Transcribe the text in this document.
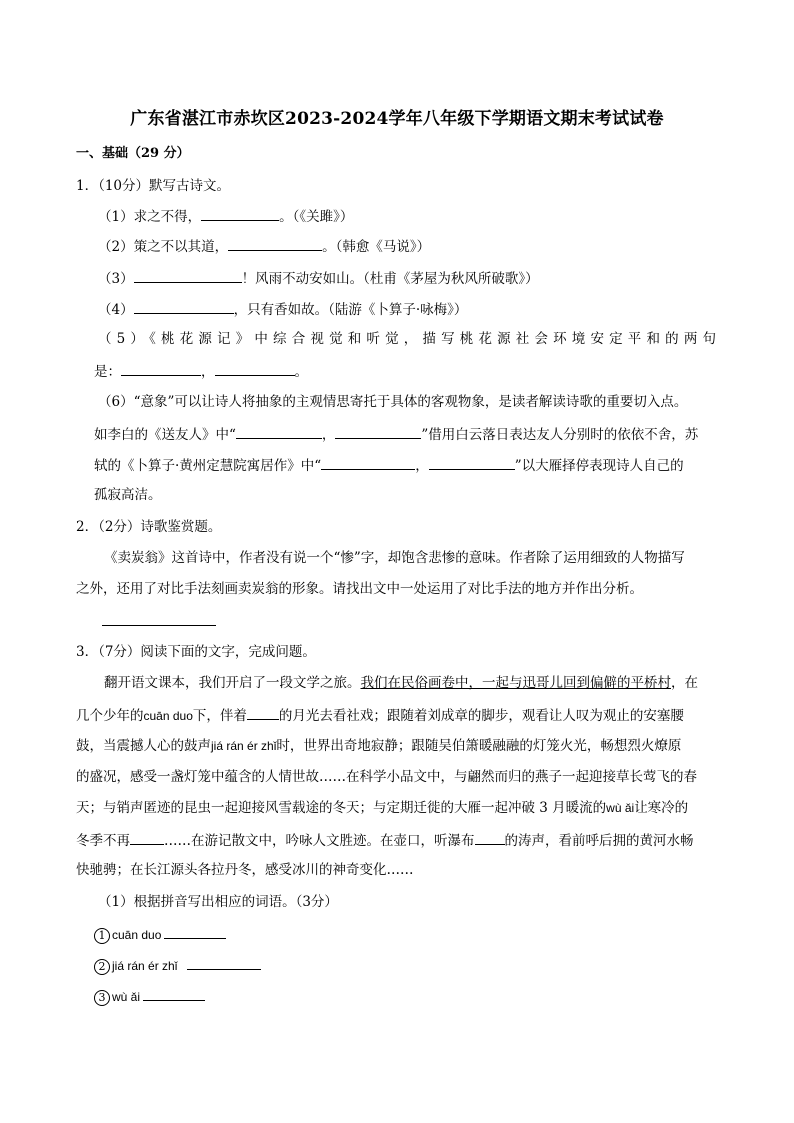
广东省湛江市赤坎区2023-2024学年八年级下学期语文期末考试试卷
一、基础（29 分）
1．（10分）默写古诗文。
（1）求之不得，	。（《关雎》）
（2）策之不以其道，	。（韩愈《马说》）
（3）	！风雨不动安如山。（杜甫《茅屋为秋风所破歌》）
（4）	，只有香如故。（陆游《卜算子·咏梅》）
（5）《桃花源记》中综合视觉和听觉，描写桃花源社会环境安定平和的两句
是：	，	。
（6）“意象”可以让诗人将抽象的主观情思寄托于具体的客观物象，是读者解读诗歌的重要切入点。
如李白的《送友人》中“	，	”借用白云落日表达友人分别时的依依不舍，苏
轼的《卜算子·黄州定慧院寓居作》中“	，	”以大雁择停表现诗人自己的
孤寂高洁。
2．（2分）诗歌鉴赏题。
《卖炭翁》这首诗中，作者没有说一个“惨”字，却饱含悲惨的意味。作者除了运用细致的人物描写
之外，还用了对比手法刻画卖炭翁的形象。请找出文中一处运用了对比手法的地方并作出分析。
3．（7分）阅读下面的文字，完成问题。
翻开语文课本，我们开启了一段文学之旅。我们在民俗画卷中，一起与迅哥儿回到偏僻的平桥村，在
几个少年的cuān duo下，伴着 的月光去看社戏；跟随着刘成章的脚步，观看让人叹为观止的安塞腰
鼓，当震撼人心的鼓声jiá rán ér zhǐ时，世界出奇地寂静；跟随吴伯箫暖融融的灯笼火光，畅想烈火燎原
的盛况，感受一盏灯笼中蕴含的人情世故……在科学小品文中，与翩然而归的燕子一起迎接草长莺飞的春
天；与销声匿迹的昆虫一起迎接风雪载途的冬天；与定期迁徙的大雁一起冲破 3 月暖流的wù ǎi让寒冷的
冬季不再	……在游记散文中，吟咏人文胜迹。在壶口，听瀑布 的涛声，看前呼后拥的黄河水畅
快驰骋；在长江源头各拉丹冬，感受冰川的神奇变化……
（1）根据拼音写出相应的词语。（3分）
1 cuān duo
2 jiá rán ér zhǐ
3 wù ǎi
